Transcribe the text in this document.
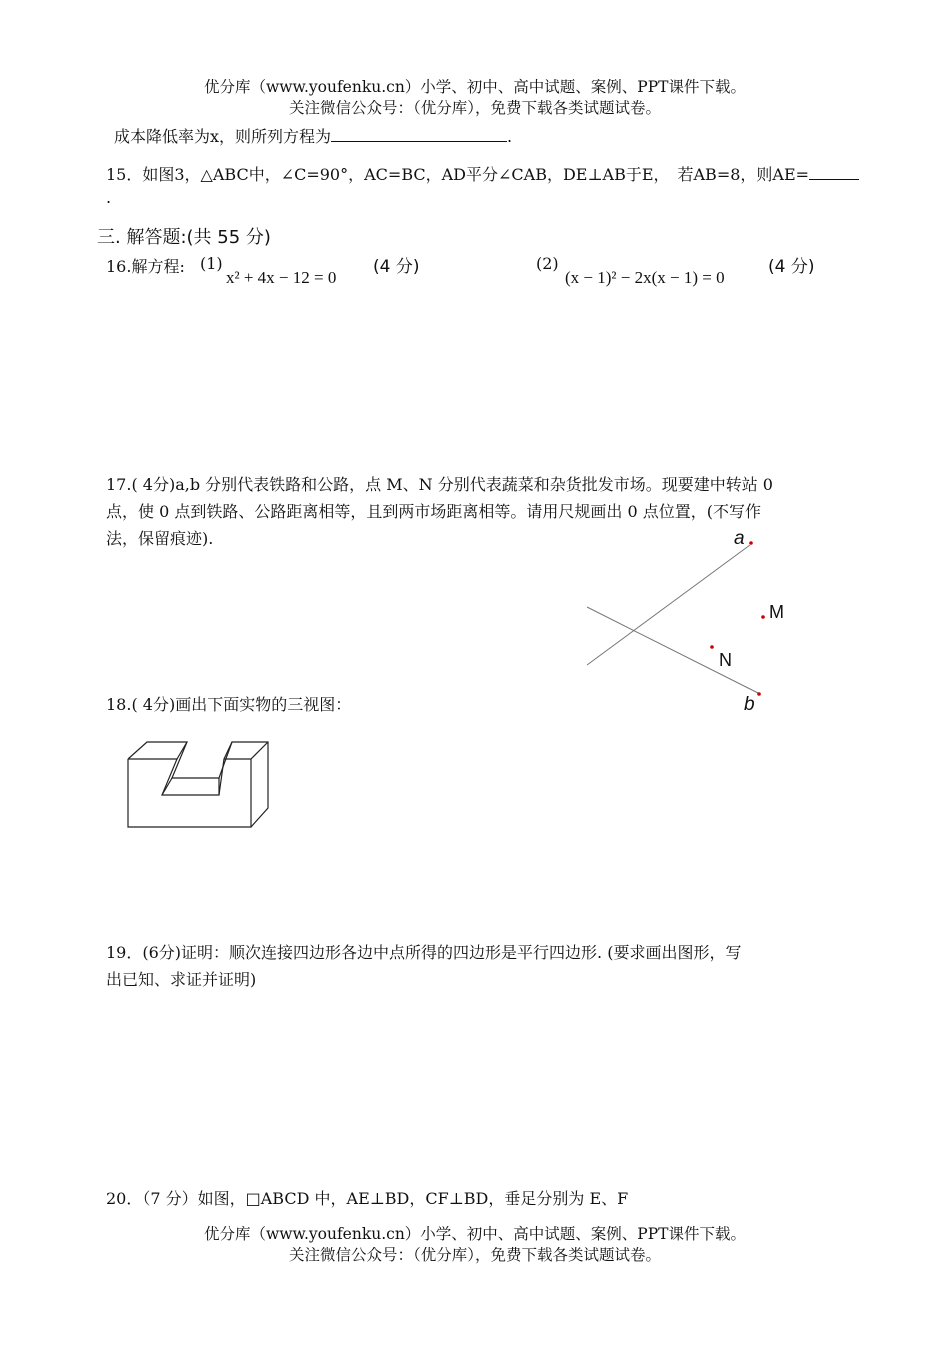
优分库（www.youfenku.cn）小学、初中、高中试题、案例、PPT课件下载。
关注微信公众号：（优分库），免费下载各类试题试卷。
成本降低率为x，则所列方程为	.
15．如图3，△ABC中，∠C=90°，AC=BC，AD平分∠CAB，DE⊥AB于E，　若AB=8，则AE=
.
三. 解答题:(共 55 分)
16.解方程: (1)
x² + 4x − 12 = 0
(4 分)	(2)
(x − 1)² − 2x(x − 1) = 0
(4 分)
17.( 4分)a,b 分别代表铁路和公路，点 M、N 分别代表蔬菜和杂货批发市场。现要建中转站 0
点，使 0 点到铁路、公路距离相等，且到两市场距离相等。请用尺规画出 0 点位置，(不写作
法，保留痕迹).	a
M
N
b
18.( 4分)画出下面实物的三视图：
19．(6分)证明：顺次连接四边形各边中点所得的四边形是平行四边形. (要求画出图形，写
出已知、求证并证明)
20．（7 分）如图，□ABCD 中，AE⊥BD，CF⊥BD，垂足分别为 E、F
优分库（www.youfenku.cn）小学、初中、高中试题、案例、PPT课件下载。
关注微信公众号：（优分库），免费下载各类试题试卷。
